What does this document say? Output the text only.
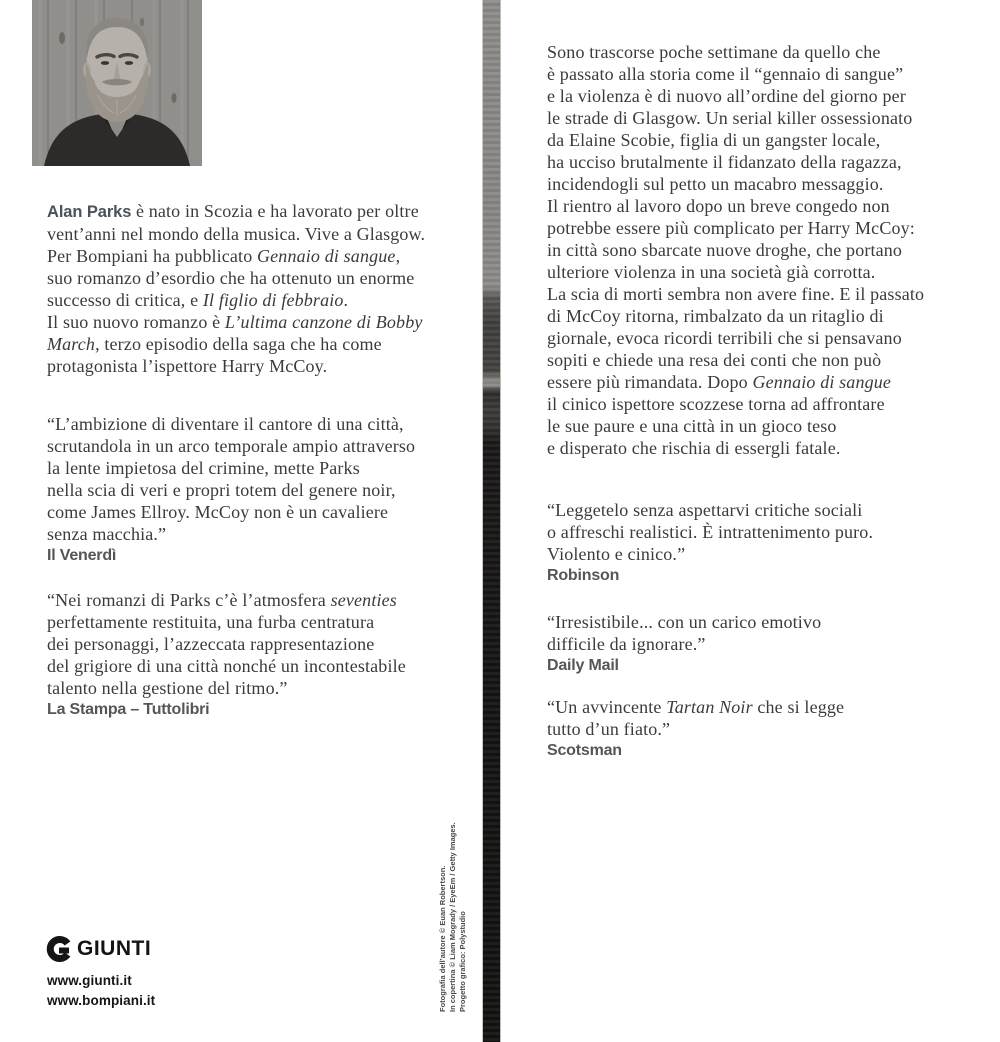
Alan Parks è nato in Scozia e ha lavorato per oltre
vent’anni nel mondo della musica. Vive a Glasgow.
Per Bompiani ha pubblicato Gennaio di sangue,
suo romanzo d’esordio che ha ottenuto un enorme
successo di critica, e Il figlio di febbraio.
Il suo nuovo romanzo è L’ultima canzone di Bobby
March, terzo episodio della saga che ha come
protagonista l’ispettore Harry McCoy.
“L’ambizione di diventare il cantore di una città,
scrutandola in un arco temporale ampio attraverso
la lente impietosa del crimine, mette Parks
nella scia di veri e propri totem del genere noir,
come James Ellroy. McCoy non è un cavaliere
senza macchia.”
Il Venerdì
“Nei romanzi di Parks c’è l’atmosfera seventies
perfettamente restituita, una furba centratura
dei personaggi, l’azzeccata rappresentazione
del grigiore di una città nonché un incontestabile
talento nella gestione del ritmo.”
La Stampa – Tuttolibri
GIUNTI
www.giunti.it
www.bompiani.it	Fotografia dell’autore © Euan Robertson. In copertina © Liam Mogrady / EyeEm / Getty Images. Progetto grafico: Polystudio
Sono trascorse poche settimane da quello che
è passato alla storia come il “gennaio di sangue”
e la violenza è di nuovo all’ordine del giorno per
le strade di Glasgow. Un serial killer ossessionato
da Elaine Scobie, figlia di un gangster locale,
ha ucciso brutalmente il fidanzato della ragazza,
incidendogli sul petto un macabro messaggio.
Il rientro al lavoro dopo un breve congedo non
potrebbe essere più complicato per Harry McCoy:
in città sono sbarcate nuove droghe, che portano
ulteriore violenza in una società già corrotta.
La scia di morti sembra non avere fine. E il passato
di McCoy ritorna, rimbalzato da un ritaglio di
giornale, evoca ricordi terribili che si pensavano
sopiti e chiede una resa dei conti che non può
essere più rimandata. Dopo Gennaio di sangue
il cinico ispettore scozzese torna ad affrontare
le sue paure e una città in un gioco teso
e disperato che rischia di essergli fatale.
“Leggetelo senza aspettarvi critiche sociali
o affreschi realistici. È intrattenimento puro.
Violento e cinico.”
Robinson
“Irresistibile... con un carico emotivo
difficile da ignorare.”
Daily Mail
“Un avvincente Tartan Noir che si legge
tutto d’un fiato.”
Scotsman
